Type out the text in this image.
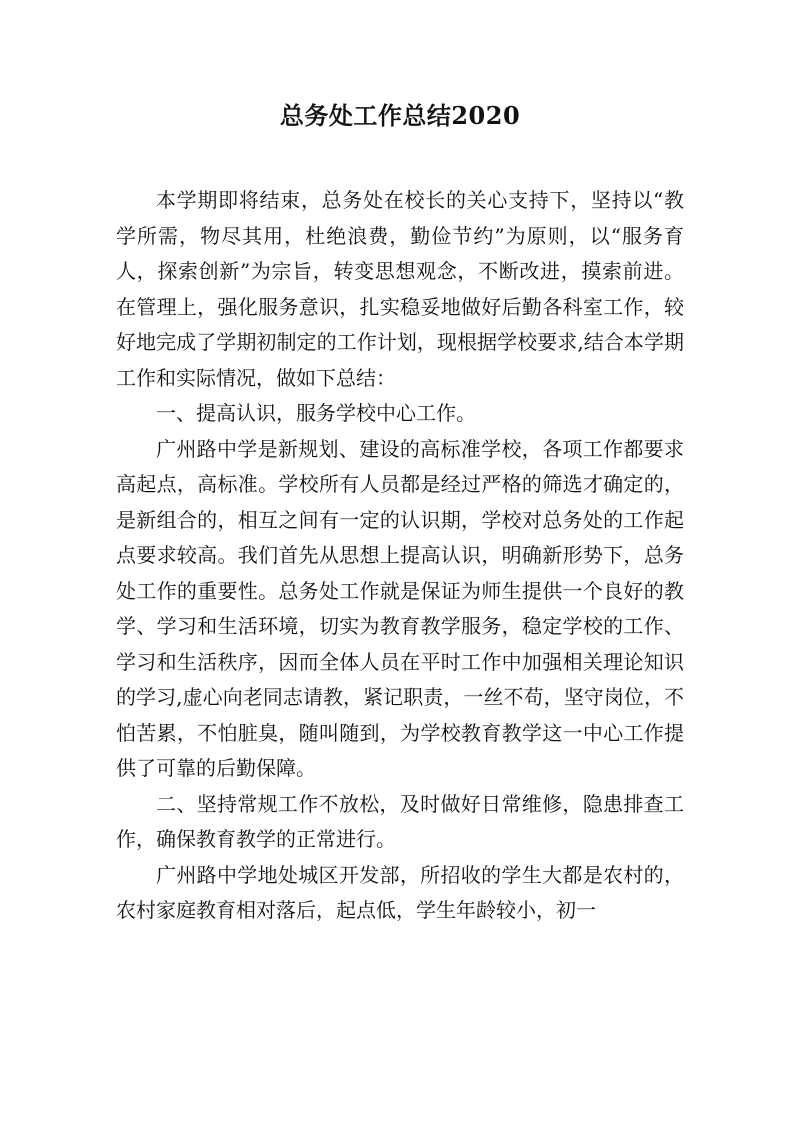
总务处工作总结2020

本学期即将结束，总务处在校长的关心支持下，坚持以“教学所需，物尽其用，杜绝浪费，勤俭节约”为原则，以“服务育人，探索创新”为宗旨，转变思想观念，不断改进，摸索前进。在管理上，强化服务意识，扎实稳妥地做好后勤各科室工作，较好地完成了学期初制定的工作计划，现根据学校要求,结合本学期工作和实际情况，做如下总结：

一、提高认识，服务学校中心工作。

广州路中学是新规划、建设的高标准学校，各项工作都要求高起点，高标准。学校所有人员都是经过严格的筛选才确定的，是新组合的，相互之间有一定的认识期，学校对总务处的工作起点要求较高。我们首先从思想上提高认识，明确新形势下，总务处工作的重要性。总务处工作就是保证为师生提供一个良好的教学、学习和生活环境，切实为教育教学服务，稳定学校的工作、学习和生活秩序，因而全体人员在平时工作中加强相关理论知识的学习,虚心向老同志请教，紧记职责，一丝不苟，坚守岗位，不怕苦累，不怕脏臭，随叫随到，为学校教育教学这一中心工作提供了可靠的后勤保障。

二、坚持常规工作不放松，及时做好日常维修，隐患排查工作，确保教育教学的正常进行。

广州路中学地处城区开发部，所招收的学生大都是农村的，农村家庭教育相对落后，起点低，学生年龄较小，初一
